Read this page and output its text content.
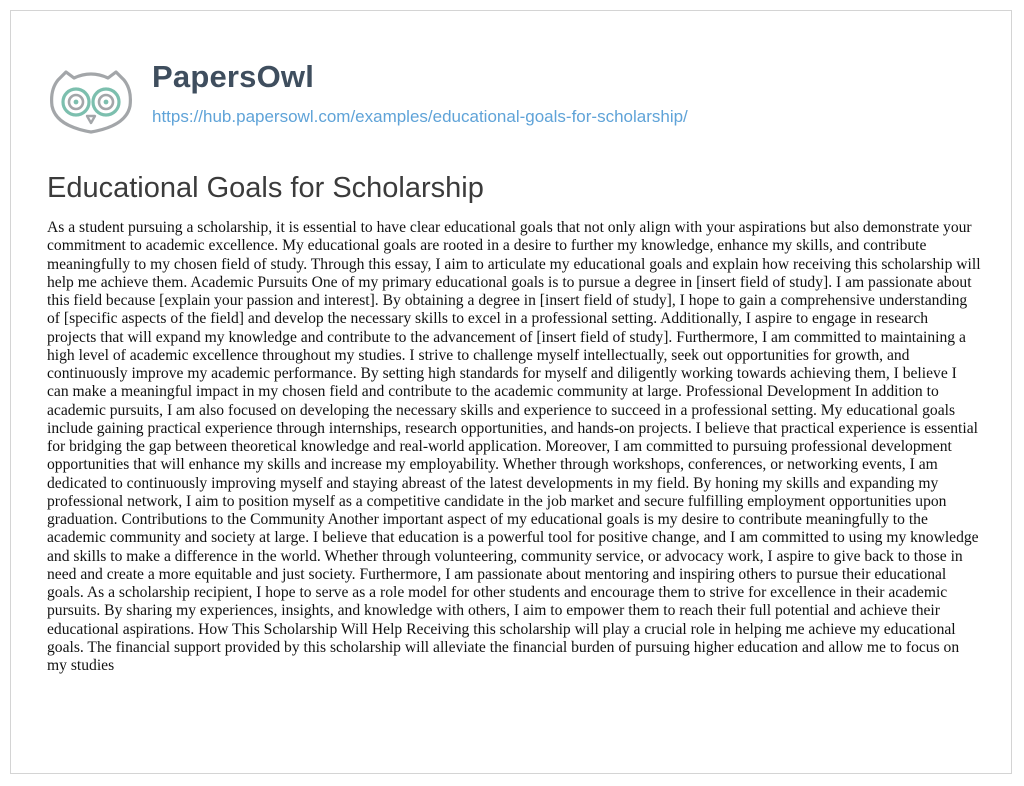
PapersOwl
https://hub.papersowl.com/examples/educational-goals-for-scholarship/
Educational Goals for Scholarship

As a student pursuing a scholarship, it is essential to have clear educational goals that not only align with your aspirations but also demonstrate your commitment to academic excellence. My educational goals are rooted in a desire to further my knowledge, enhance my skills, and contribute meaningfully to my chosen field of study. Through this essay, I aim to articulate my educational goals and explain how receiving this scholarship will help me achieve them. Academic Pursuits One of my primary educational goals is to pursue a degree in [insert field of study]. I am passionate about this field because [explain your passion and interest]. By obtaining a degree in [insert field of study], I hope to gain a comprehensive understanding of [specific aspects of the field] and develop the necessary skills to excel in a professional setting. Additionally, I aspire to engage in research projects that will expand my knowledge and contribute to the advancement of [insert field of study]. Furthermore, I am committed to maintaining a high level of academic excellence throughout my studies. I strive to challenge myself intellectually, seek out opportunities for growth, and continuously improve my academic performance. By setting high standards for myself and diligently working towards achieving them, I believe I can make a meaningful impact in my chosen field and contribute to the academic community at large. Professional Development In addition to academic pursuits, I am also focused on developing the necessary skills and experience to succeed in a professional setting. My educational goals include gaining practical experience through internships, research opportunities, and hands-on projects. I believe that practical experience is essential for bridging the gap between theoretical knowledge and real-world application. Moreover, I am committed to pursuing professional development opportunities that will enhance my skills and increase my employability. Whether through workshops, conferences, or networking events, I am dedicated to continuously improving myself and staying abreast of the latest developments in my field. By honing my skills and expanding my professional network, I aim to position myself as a competitive candidate in the job market and secure fulfilling employment opportunities upon graduation. Contributions to the Community Another important aspect of my educational goals is my desire to contribute meaningfully to the academic community and society at large. I believe that education is a powerful tool for positive change, and I am committed to using my knowledge and skills to make a difference in the world. Whether through volunteering, community service, or advocacy work, I aspire to give back to those in need and create a more equitable and just society. Furthermore, I am passionate about mentoring and inspiring others to pursue their educational goals. As a scholarship recipient, I hope to serve as a role model for other students and encourage them to strive for excellence in their academic pursuits. By sharing my experiences, insights, and knowledge with others, I aim to empower them to reach their full potential and achieve their educational aspirations. How This Scholarship Will Help Receiving this scholarship will play a crucial role in helping me achieve my educational goals. The financial support provided by this scholarship will alleviate the financial burden of pursuing higher education and allow me to focus on my studies
